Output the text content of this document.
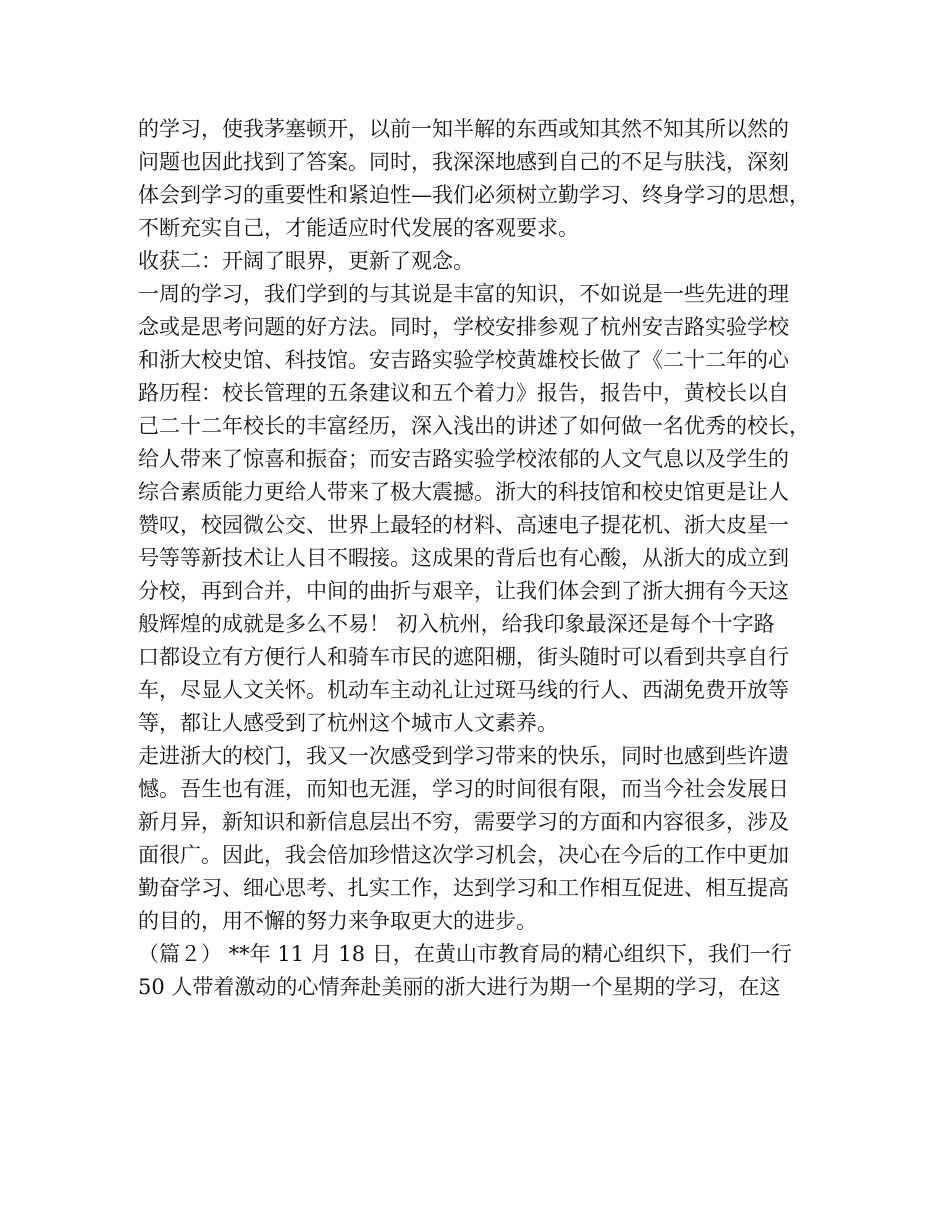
的学习，使我茅塞顿开，以前一知半解的东西或知其然不知其所以然的
问题也因此找到了答案。同时，我深深地感到自己的不足与肤浅，深刻
体会到学习的重要性和紧迫性—我们必须树立勤学习、终身学习的思想，
不断充实自己，才能适应时代发展的客观要求。

收获二：开阔了眼界，更新了观念。

一周的学习，我们学到的与其说是丰富的知识，不如说是一些先进的理
念或是思考问题的好方法。同时，学校安排参观了杭州安吉路实验学校
和浙大校史馆、科技馆。安吉路实验学校黄雄校长做了《二十二年的心
路历程：校长管理的五条建议和五个着力》报告，报告中，黄校长以自
己二十二年校长的丰富经历，深入浅出的讲述了如何做一名优秀的校长，
给人带来了惊喜和振奋；而安吉路实验学校浓郁的人文气息以及学生的
综合素质能力更给人带来了极大震撼。浙大的科技馆和校史馆更是让人
赞叹，校园微公交、世界上最轻的材料、高速电子提花机、浙大皮星一
号等等新技术让人目不暇接。这成果的背后也有心酸，从浙大的成立到
分校，再到合并，中间的曲折与艰辛，让我们体会到了浙大拥有今天这
般辉煌的成就是多么不易！ 初入杭州，给我印象最深还是每个十字路
口都设立有方便行人和骑车市民的遮阳棚，街头随时可以看到共享自行
车，尽显人文关怀。机动车主动礼让过斑马线的行人、西湖免费开放等
等，都让人感受到了杭州这个城市人文素养。

走进浙大的校门，我又一次感受到学习带来的快乐，同时也感到些许遗
憾。吾生也有涯，而知也无涯，学习的时间很有限，而当今社会发展日
新月异，新知识和新信息层出不穷，需要学习的方面和内容很多，涉及
面很广。因此，我会倍加珍惜这次学习机会，决心在今后的工作中更加
勤奋学习、细心思考、扎实工作，达到学习和工作相互促进、相互提高
的目的，用不懈的努力来争取更大的进步。

（篇２） **年 11 月 18 日，在黄山市教育局的精心组织下，我们一行
50 人带着激动的心情奔赴美丽的浙大进行为期一个星期的学习，在这
